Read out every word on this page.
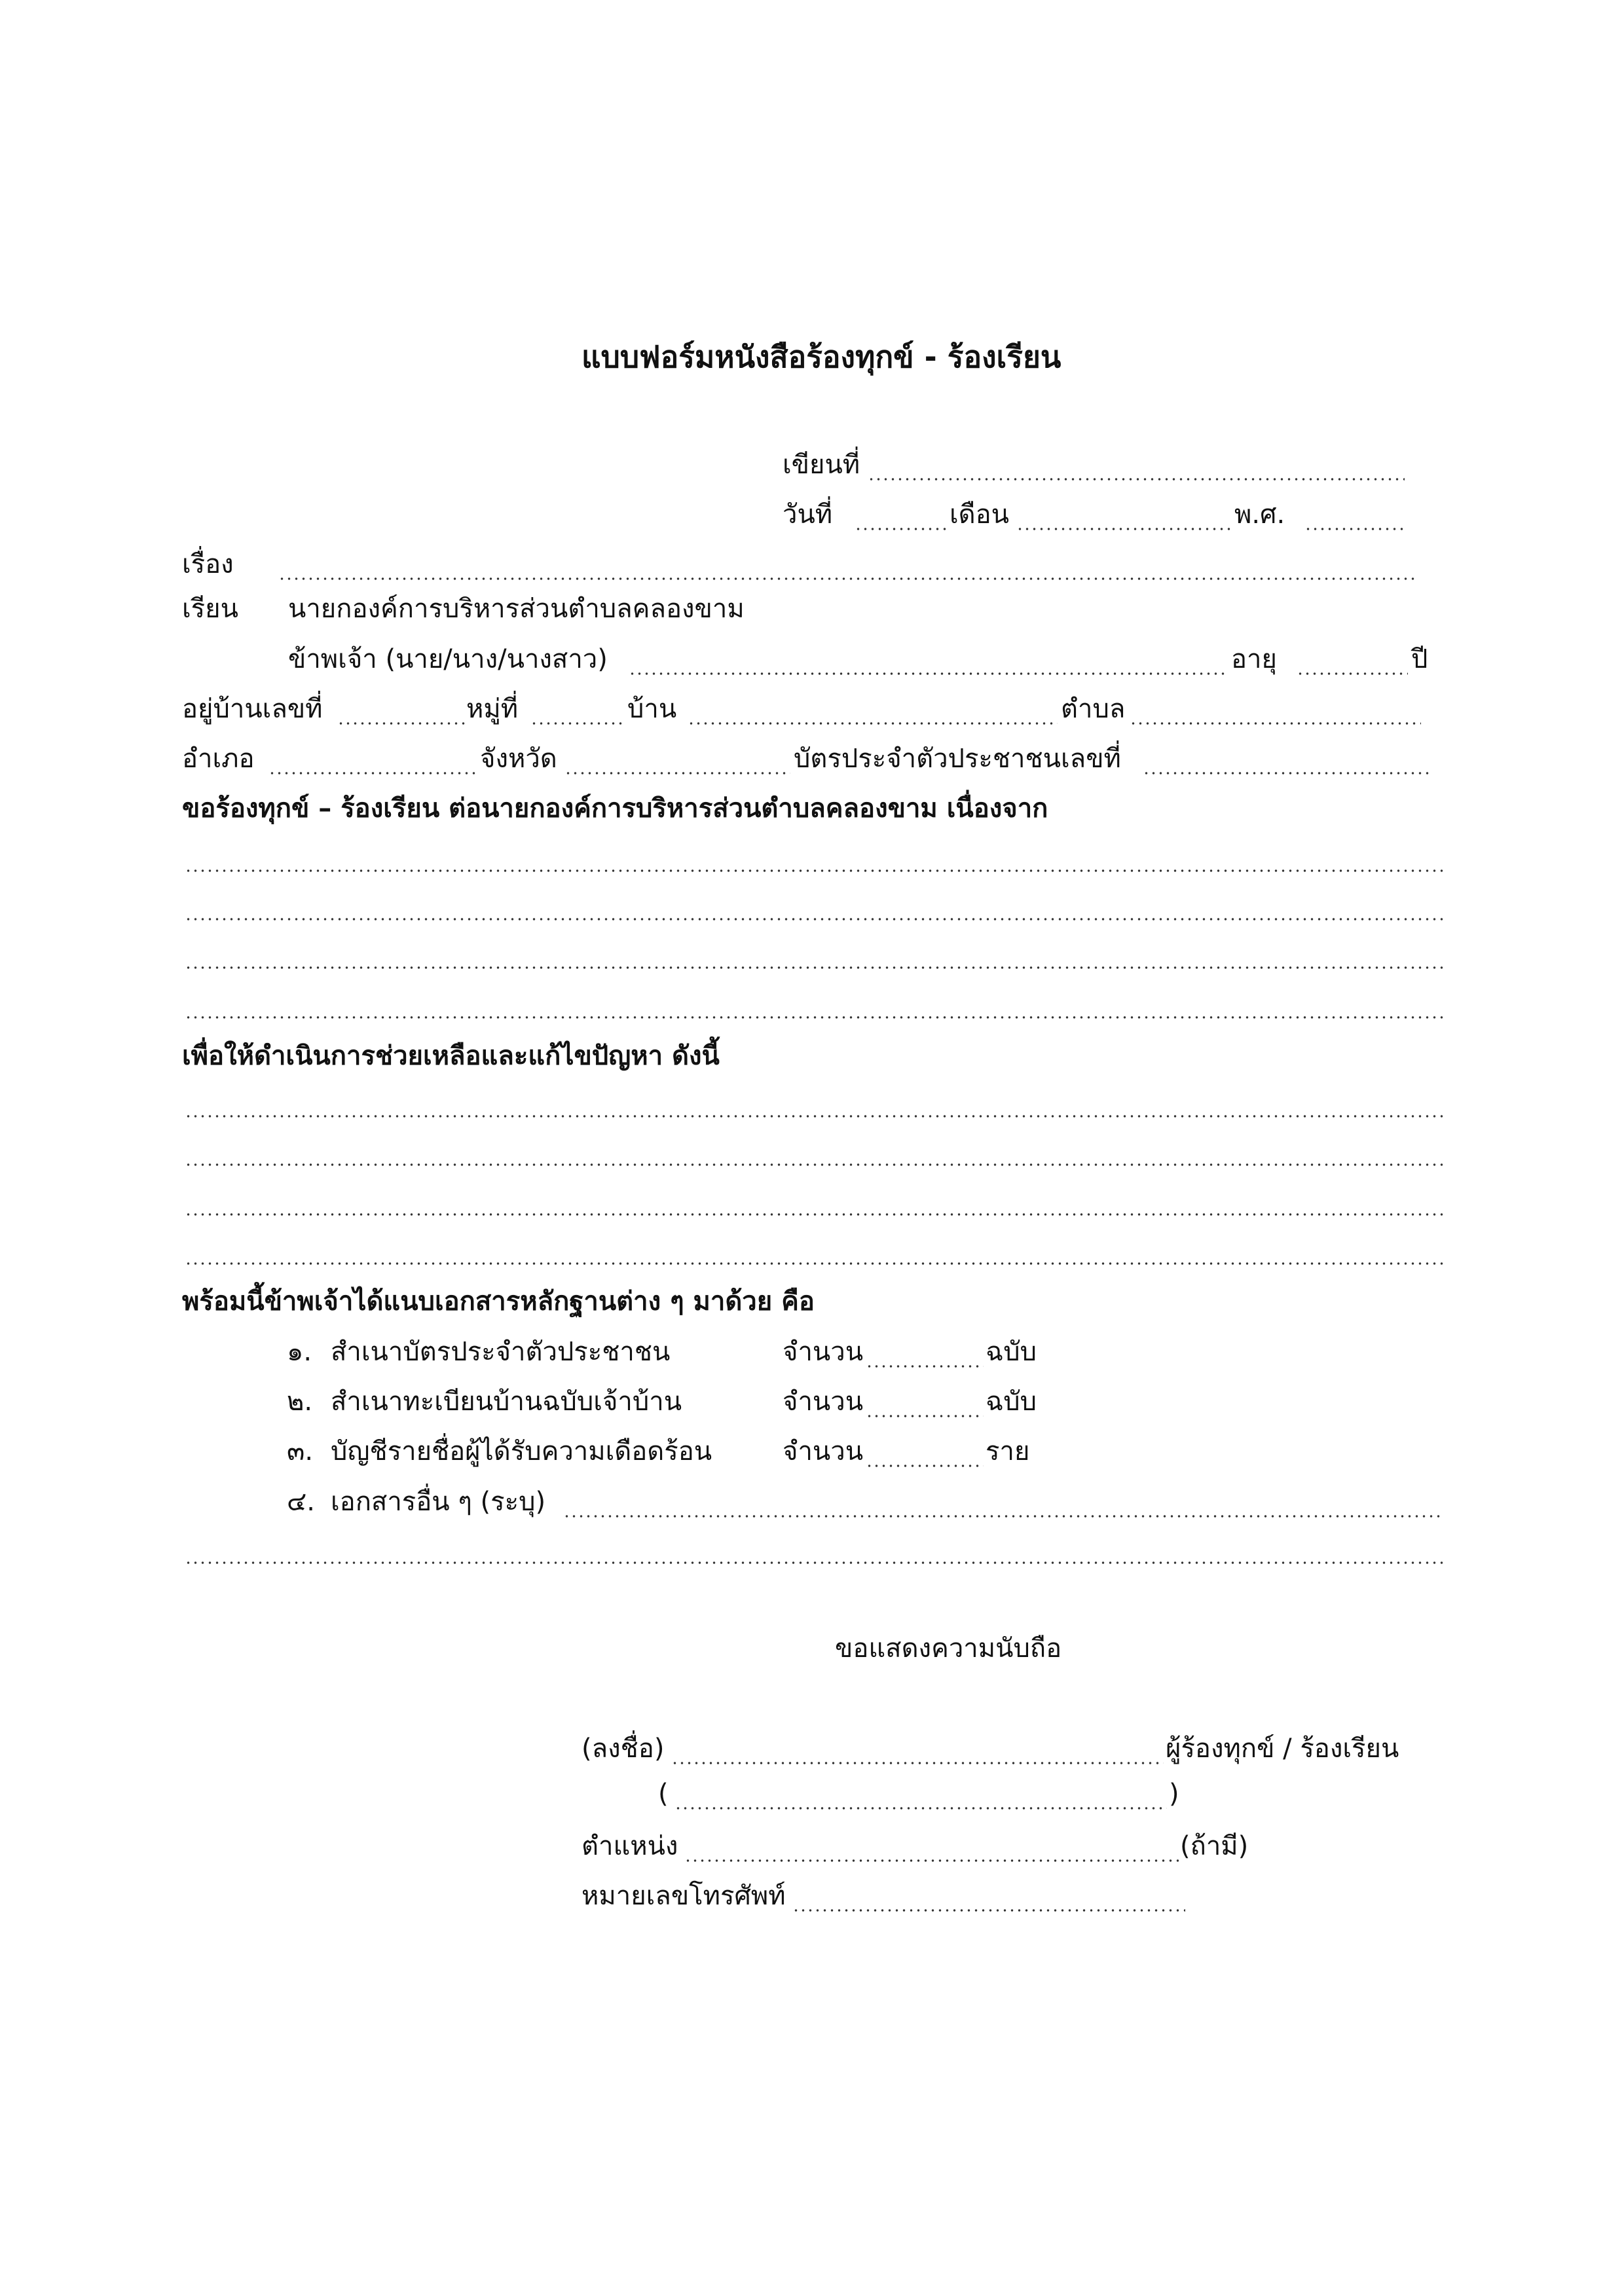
แบบฟอร์มหนังสือร้องทุกข์ - ร้องเรียน
เขียนที่
วันที่	เดือน	พ.ศ.
เรื่อง
เรียน นายกองค์การบริหารส่วนตำบลคลองขาม
ข้าพเจ้า (นาย/นาง/นางสาว)	อายุ	ปี
อยู่บ้านเลขที่	หมู่ที่	บ้าน	ตำบล
อำเภอ	จังหวัด	บัตรประจำตัวประชาชนเลขที่
ขอร้องทุกข์ – ร้องเรียน ต่อนายกองค์การบริหารส่วนตำบลคลองขาม เนื่องจาก
เพื่อให้ดำเนินการช่วยเหลือและแก้ไขปัญหา ดังนี้
พร้อมนี้ข้าพเจ้าได้แนบเอกสารหลักฐานต่าง ๆ มาด้วย คือ
๑. สำเนาบัตรประจำตัวประชาชน	จำนวน	ฉบับ
๒. สำเนาทะเบียนบ้านฉบับเจ้าบ้าน	จำนวน	ฉบับ
๓. บัญชีรายชื่อผู้ได้รับความเดือดร้อน	จำนวน	ราย
๔. เอกสารอื่น ๆ (ระบุ)
ขอแสดงความนับถือ
(ลงชื่อ)	ผู้ร้องทุกข์ / ร้องเรียน
(	)
ตำแหน่ง	(ถ้ามี)
หมายเลขโทรศัพท์
